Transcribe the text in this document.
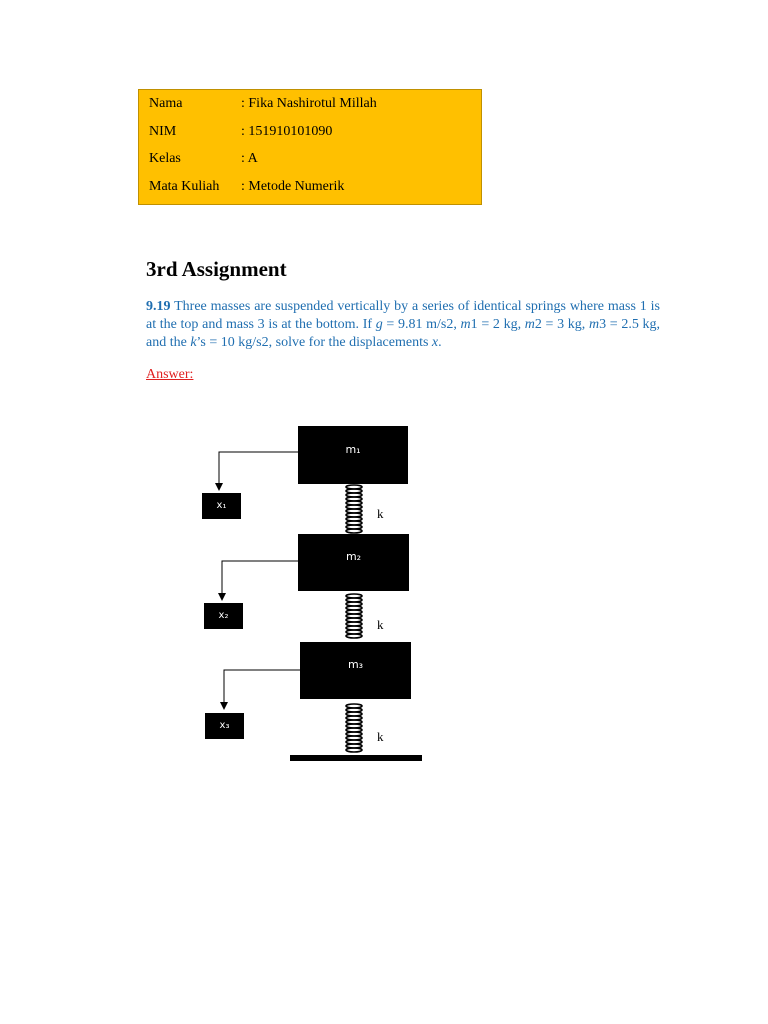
Nama	: Fika Nashirotul Millah
NIM	: 151910101090
Kelas	: A
Mata Kuliah : Metode Numerik
3rd Assignment

9.19 Three masses are suspended vertically by a series of identical springs where mass 1 is at the top and mass 3 is at the bottom. If g = 9.81 m/s2, m1 = 2 kg, m2 = 3 kg, m3 = 2.5 kg, and the k’s = 10 kg/s2, solve for the displacements x.

Answer:

m₁
m₂
m₃
x₁
x₂
x₃
k
k
k
